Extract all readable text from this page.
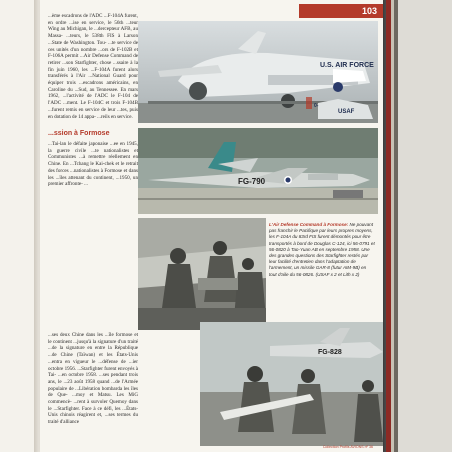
103

...ème escadrons de l'ADC ...F-104A furent, en ordre ...ise en service, le 56th ...teur Wing au Michigan, le ...dercepteur AFB, au Massa- ...teurs, le 538th FIS à Larson ...State de Washington. Tou- ...te service de ces unités d'un nombre ...ors de F-102B et F-106A permit ...Air Defense Command de retirer ...son Starfighter, chose ...ssaire à la fin juin 1960, les ...F-104A furent alors transférés à l'Air ...National Guard pour équiper trois ...escadrons américains, en Caroline du ...Sud, au Tennessee. En mars 1962, ...l'activité de l'ADC le F-104 de l'ADC ...ment. Le F-104C et trois F-104B ...furent remis en service de leur ...tes, puis en dotation de 14 appa- ...reils en service.

...ssion à Formose

...Tai-lan le défaite japonaise ...ee en 1945, la guerre civile ...te nationalistes et Communistes ...à remettre réellement en Chine. En ...Tchang le Kai-chek et le retrait des forces ...nationalistes à Formose et dans les ...îles attenant du continent, ...1950, un premier affronte- ...

...ses deux Chine dans les ...île formose et le continent ...jusqu'à la signature d'un traité ...de la signature en entre la République ...de Chine (Taïwan) et les États-Unis ...entra en vigueur le ...défense de ...ier octobre 1956. ...Starfighter furent envoyés à Tai- ...en octobre 1958. ...ses pendant trois ans, le ...23 août 1958 quand ...de l'Armée populaire de ...Libération bombarda les îles de Que- ...moy et Matsu. Les MiG commencè- ...rent à survoler Quemoy dans le ...Starfighter. Face à ce défi, les ...États-Unis chinois réagirent et, ...ses termes du traité d'alliance

U.S. AIR FORCE
USAF
0-
FG-790
L'Air Defense Command à Formose: Ne pouvant pas franchir le Pacifique par leurs propres moyens, les F-104A du 83rd FIS furent démontés pour être transportés à bord de Douglas C-124, ici 56-0791 et 56-0820 à Tao-Yuan AB en septembre 1958. Une des grandes questions des Starfighter restés par leur facilité d'entretien dans l'adaptation de l'armement, un missile GAR-8 (futur AIM-9B) en tout d'aile du 56-0826. (USAF x 2 et Lith x 2)
FG-828
Collection Profils AVIONS nº 36
